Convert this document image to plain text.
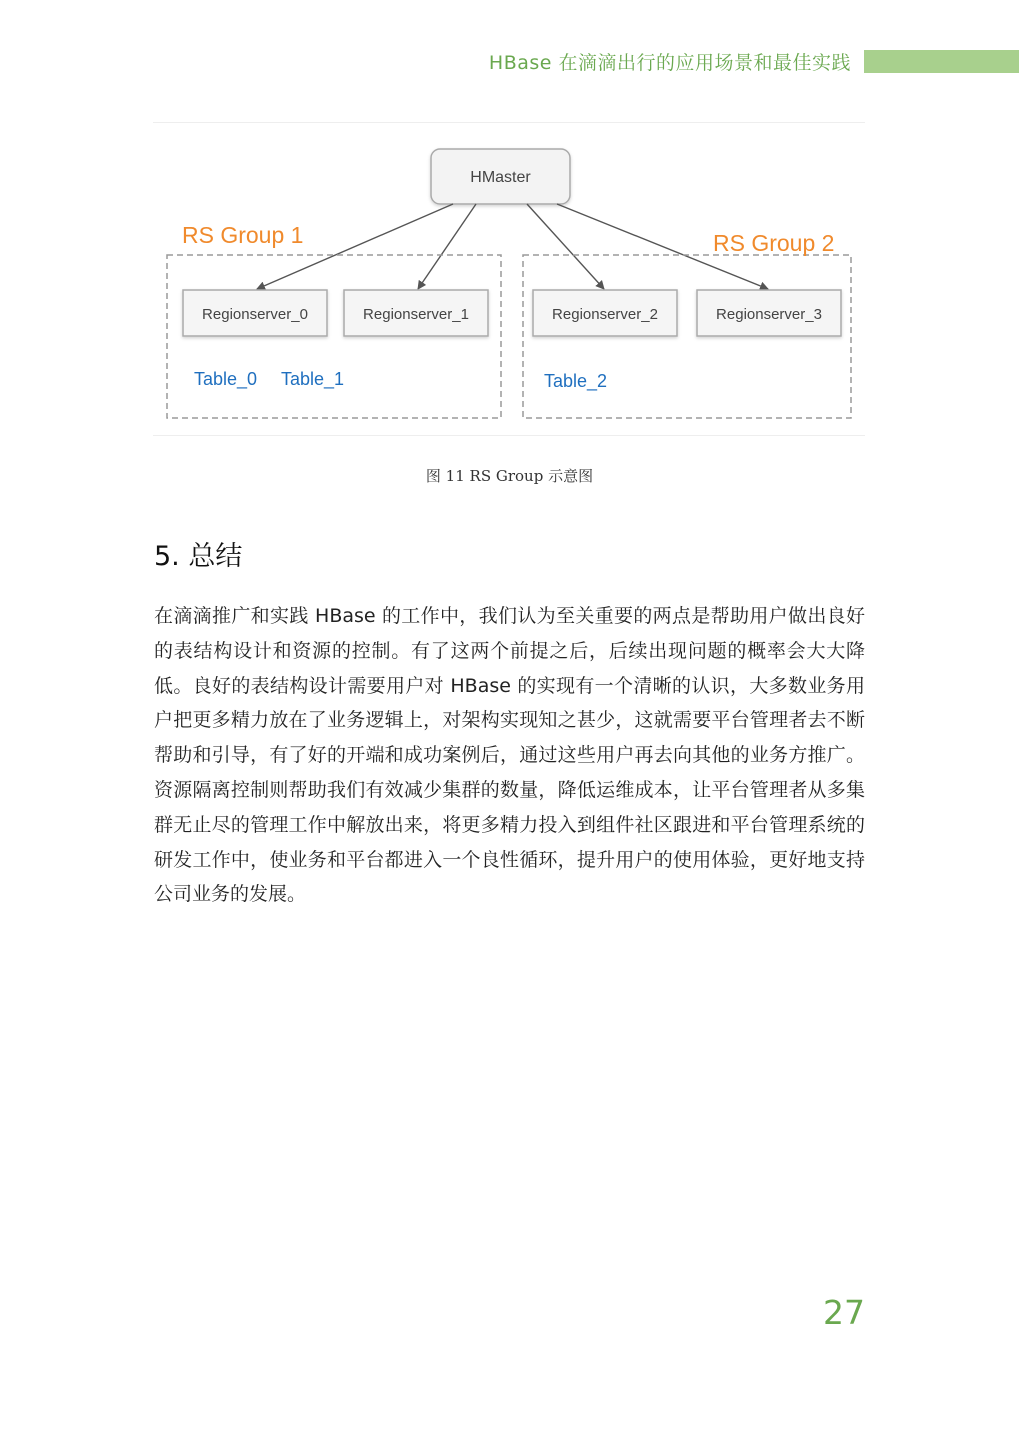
HBase 在滴滴出行的应用场景和最佳实践
HMaster
RS Group 1
Table_0 Table_1
RS Group 2
Table_2
Regionserver_0	Regionserver_1	Regionserver_2	Regionserver_3
图 11 RS Group 示意图
5. 总结

在滴滴推广和实践 HBase 的工作中，我们认为至关重要的两点是帮助用户做出良好的表结构设计和资源的控制。有了这两个前提之后，后续出现问题的概率会大大降低。良好的表结构设计需要用户对 HBase 的实现有一个清晰的认识，大多数业务用户把更多精力放在了业务逻辑上，对架构实现知之甚少，这就需要平台管理者去不断帮助和引导，有了好的开端和成功案例后，通过这些用户再去向其他的业务方推广。资源隔离控制则帮助我们有效减少集群的数量，降低运维成本，让平台管理者从多集群无止尽的管理工作中解放出来，将更多精力投入到组件社区跟进和平台管理系统的研发工作中，使业务和平台都进入一个良性循环，提升用户的使用体验，更好地支持公司业务的发展。

27
